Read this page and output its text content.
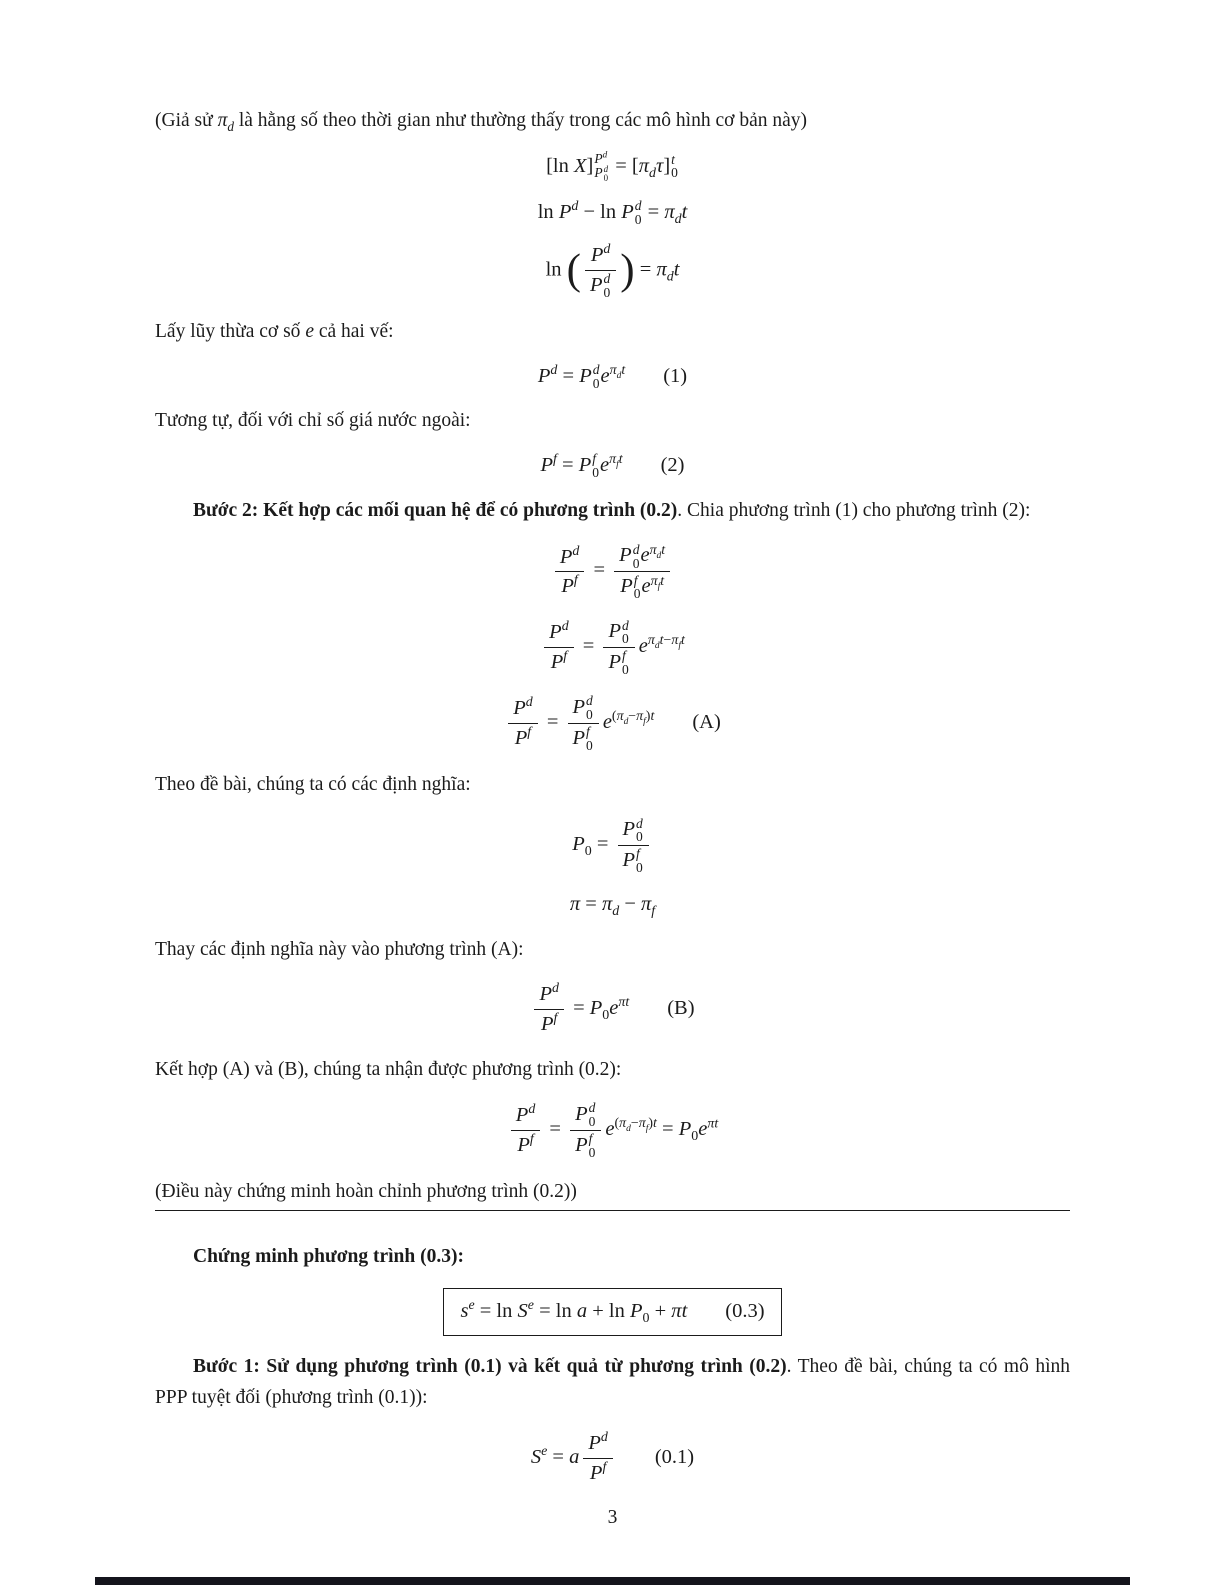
(Giả sử $\pi_d$ là hằng số theo thời gian như thường thấy trong các mô hình cơ bản này)
[ln X] $P^d$
P d
0
= $[\pi_d\tau]$ t
0
$\ln P^d - \ln P$ d
$0 = \pi_dt$
ln ( $P^d$
P d
0 ) = $\pi_dt$
Lấy lũy thừa cơ số e cả hai vế:
$P^d = P$ d
0 $e^{\pi_dt}$ (1)
Tương tự, đối với chỉ số giá nước ngoài:
$P^f = P$ f
0 $e^{\pi_ft}$ (2)
Bước 2: Kết hợp các mối quan hệ để có phương trình (0.2). Chia phương trình (1) cho phương trình (2):
$\frac{P^d}{P^f}$ =
P d
0 $e^{\pi_dt}$
P f
0 $e^{\pi_ft}$
$\frac{P^d}{P^f} = P$ d
0
P f
0 $e^{\pi_dt-\pi_ft}$
$\frac{P^d}{P^f} = P$ d
0
P f
0 $e^{(\pi_d-\pi_f)t}$ (A)
Theo đề bài, chúng ta có các định nghĩa:
$P_0 = P$ d
0
P f
0
$\pi = \pi_d - \pi_f$
Thay các định nghĩa này vào phương trình (A):
$\frac{P^d}{P^f} = P_0e^{\pi t}$ (B)
Kết hợp (A) và (B), chúng ta nhận được phương trình (0.2):
$\frac{P^d}{P^f} = P$ d
0
P f
0 $e^{(\pi_d-\pi_f)t} = P_0e^{\pi t}$
(Điều này chứng minh hoàn chỉnh phương trình (0.2))
Chứng minh phương trình (0.3):
$s^e = \ln S^e = \ln a + \ln P_0 + \pi t$ (0.3)
Bước 1: Sử dụng phương trình (0.1) và kết quả từ phương trình (0.2). Theo đề bài, chúng ta có mô hình PPP tuyệt đối (phương trình (0.1)):
$S^e = a \frac{P^d}{P^f} (0.1)$
3
